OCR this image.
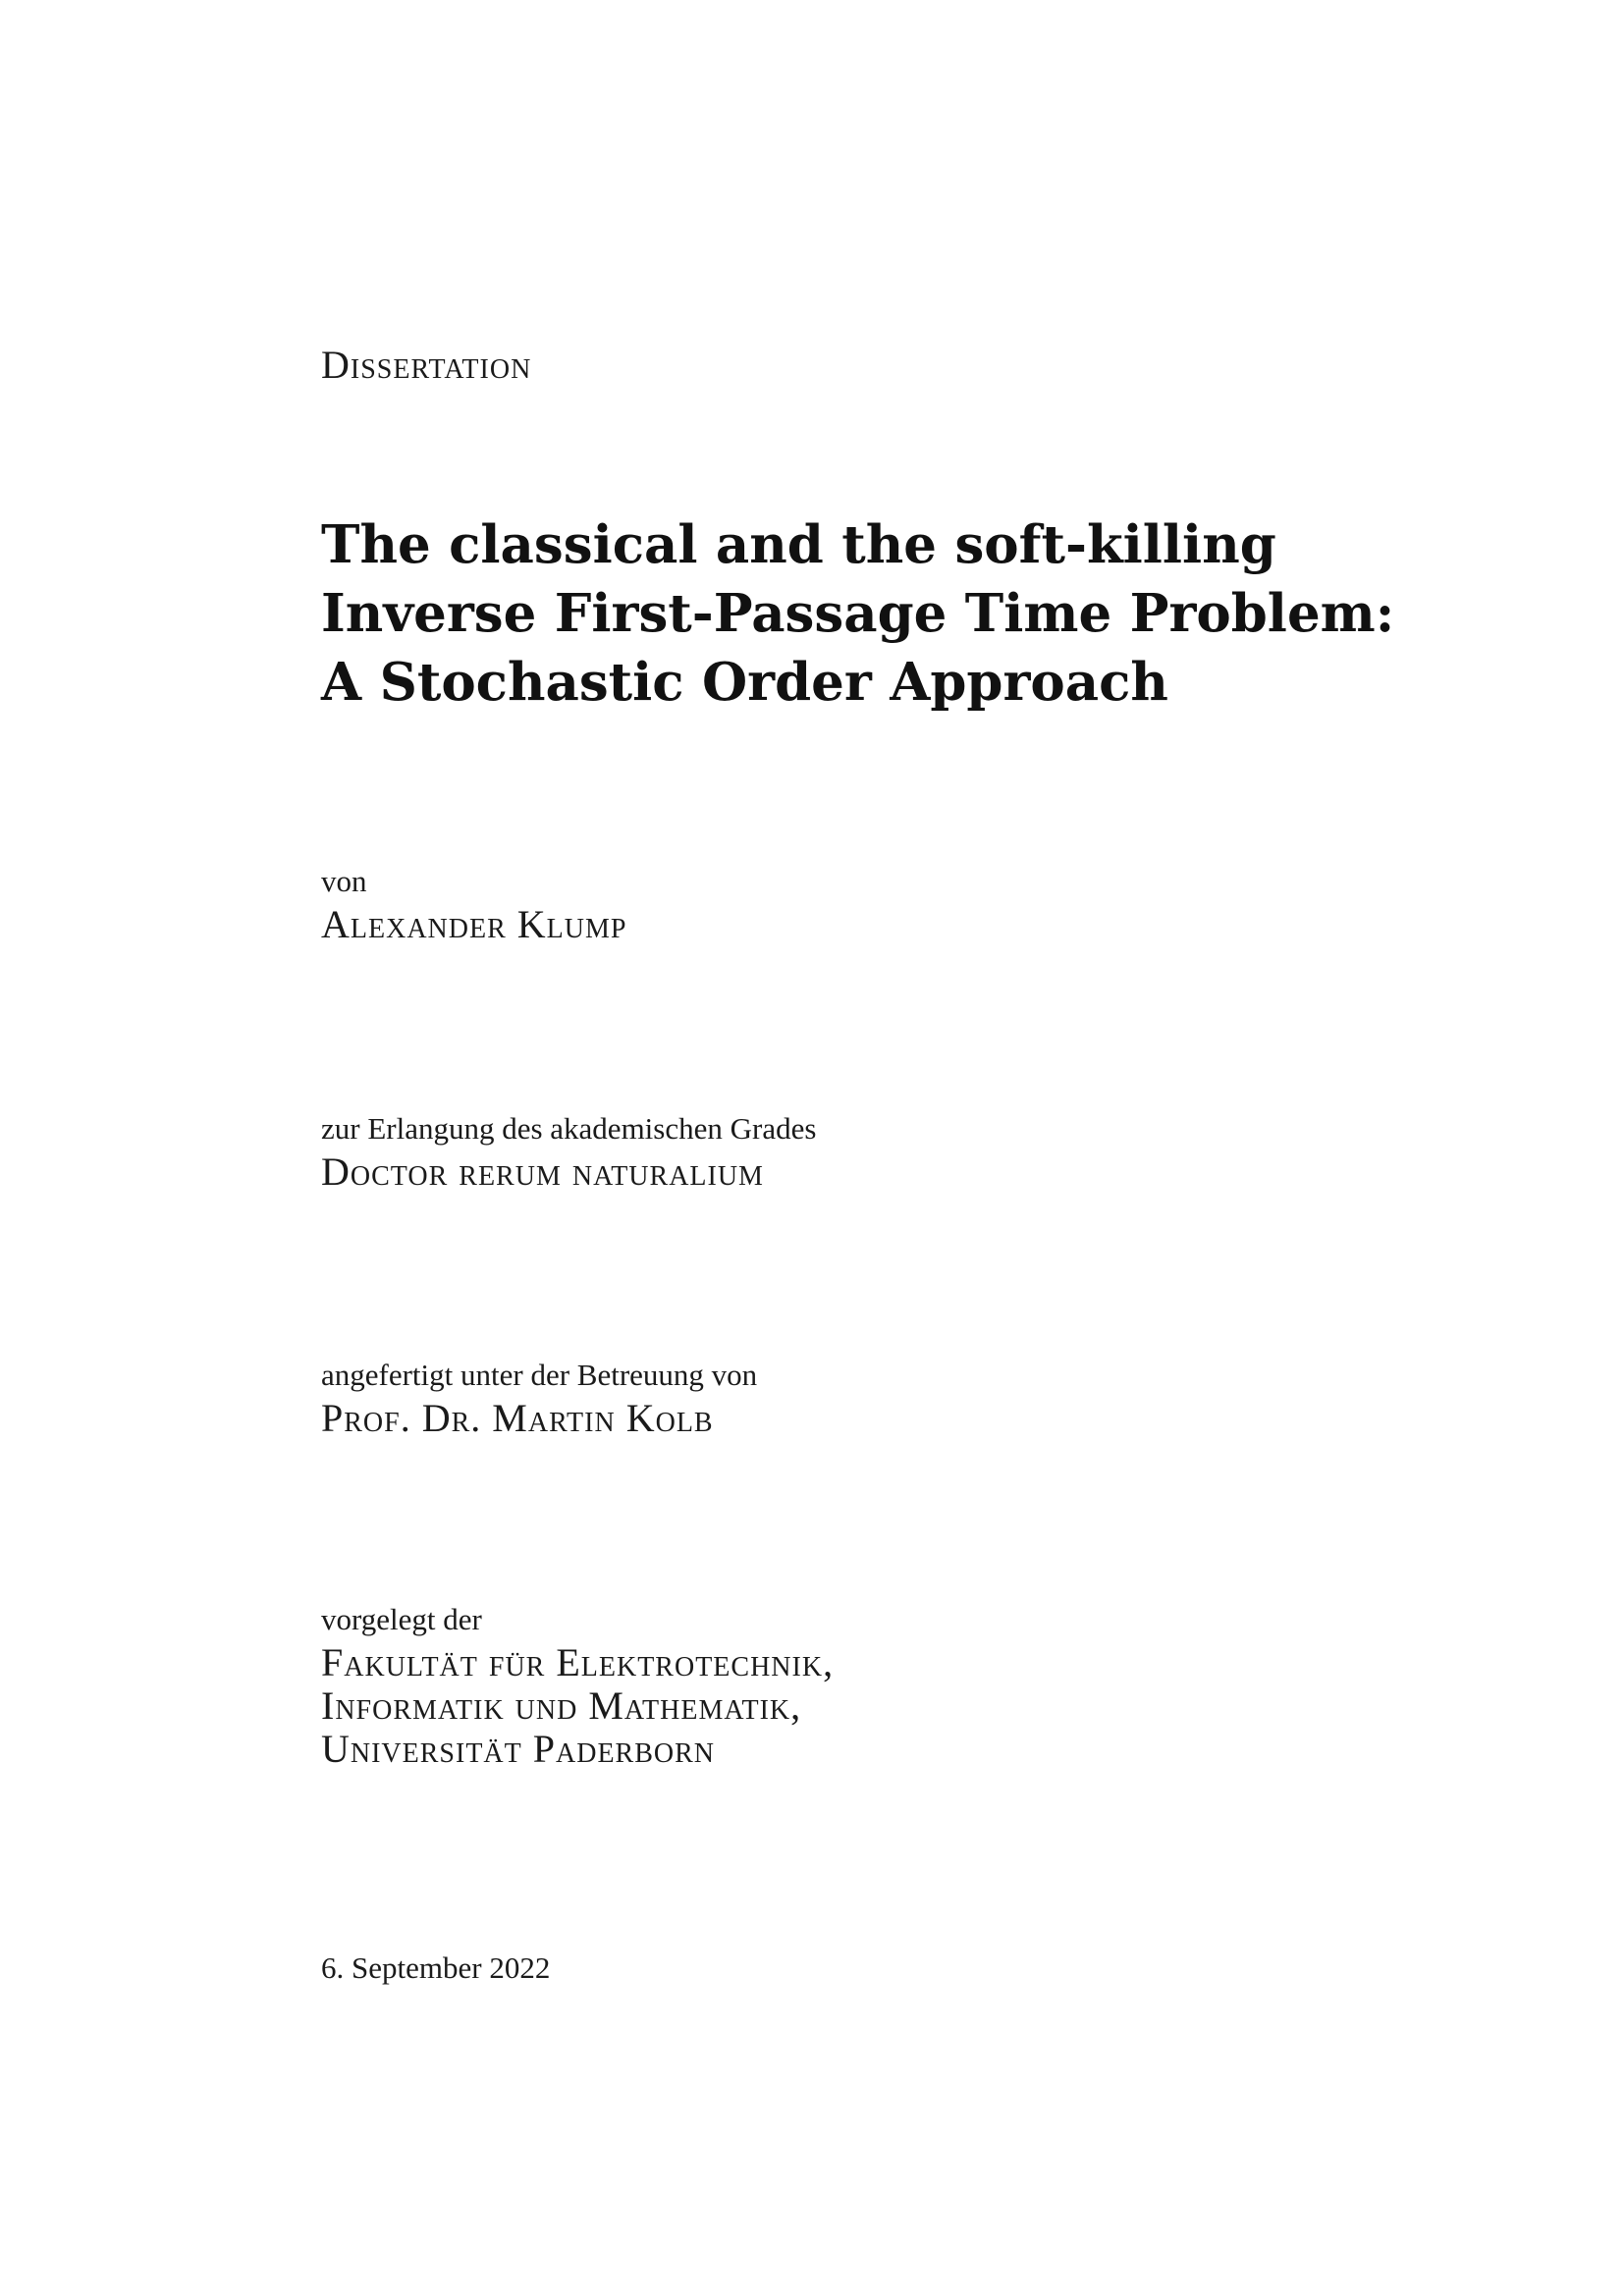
Dissertation

The classical and the soft-killing
Inverse First-Passage Time Problem:
A Stochastic Order Approach

von

Alexander Klump

zur Erlangung des akademischen Grades

Doctor rerum naturalium

angefertigt unter der Betreuung von

Prof. Dr. Martin Kolb

vorgelegt der

Fakultät für Elektrotechnik,
Informatik und Mathematik,
Universität Paderborn

6. September 2022
